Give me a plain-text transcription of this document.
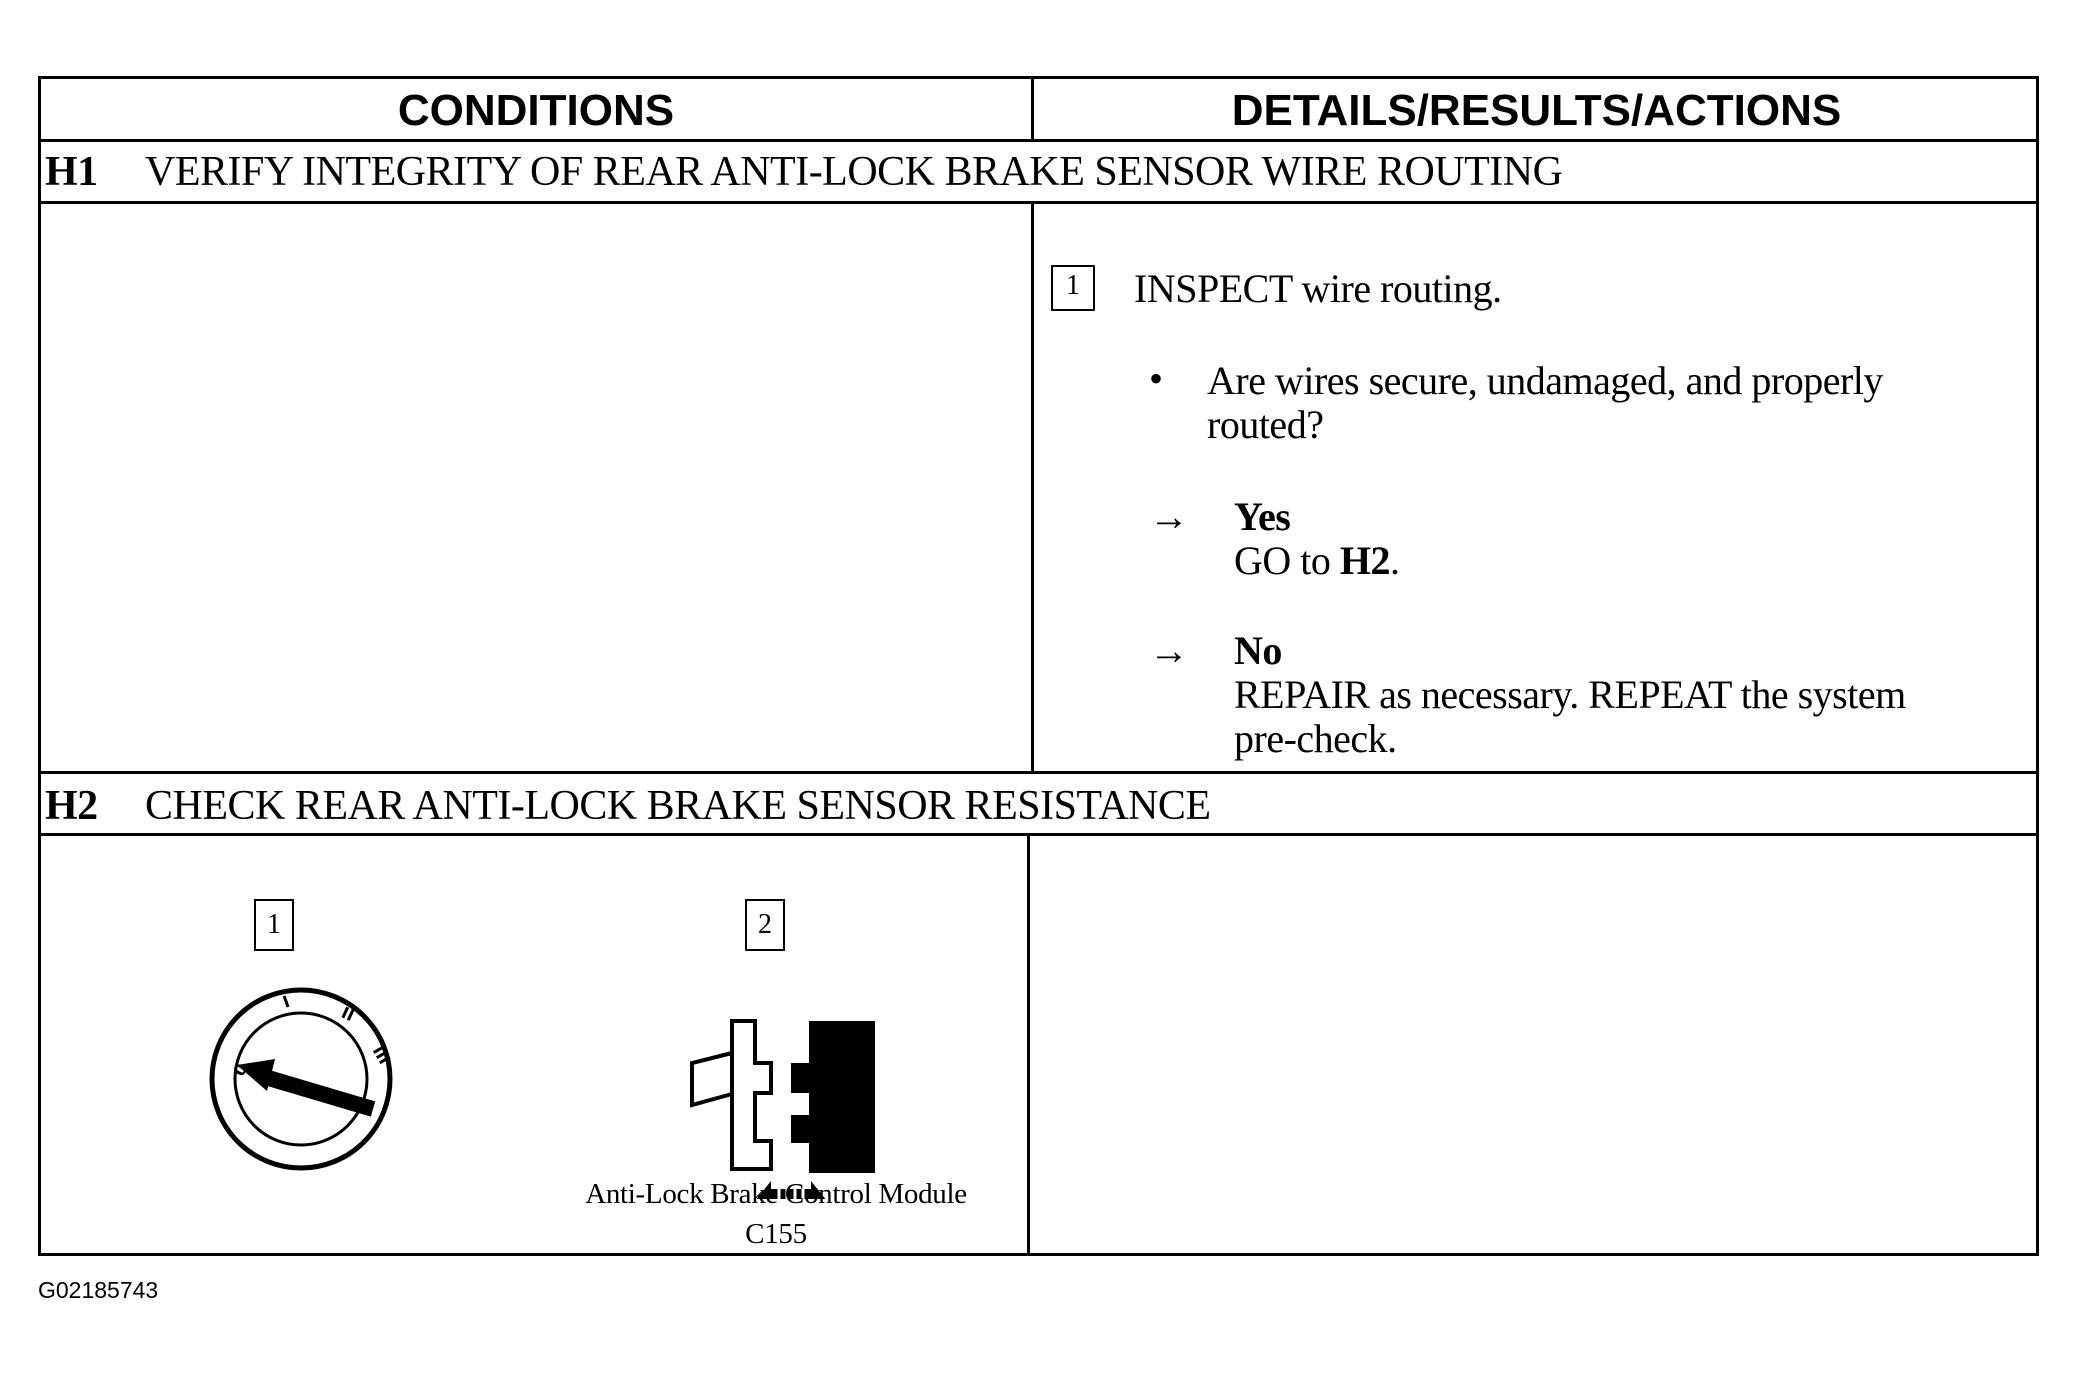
CONDITIONS	DETAILS/RESULTS/ACTIONS
H1 VERIFY INTEGRITY OF REAR ANTI-LOCK BRAKE SENSOR WIRE ROUTING
1	INSPECT wire routing.
• Are wires secure, undamaged, and properly
routed?
→ Yes
GO to H2.
→ No
REPAIR as necessary. REPEAT the system
pre-check.
H2 CHECK REAR ANTI-LOCK BRAKE SENSOR RESISTANCE
1
0
I
II
III
2
Anti-Lock Brake Control Module
C155
G02185743
